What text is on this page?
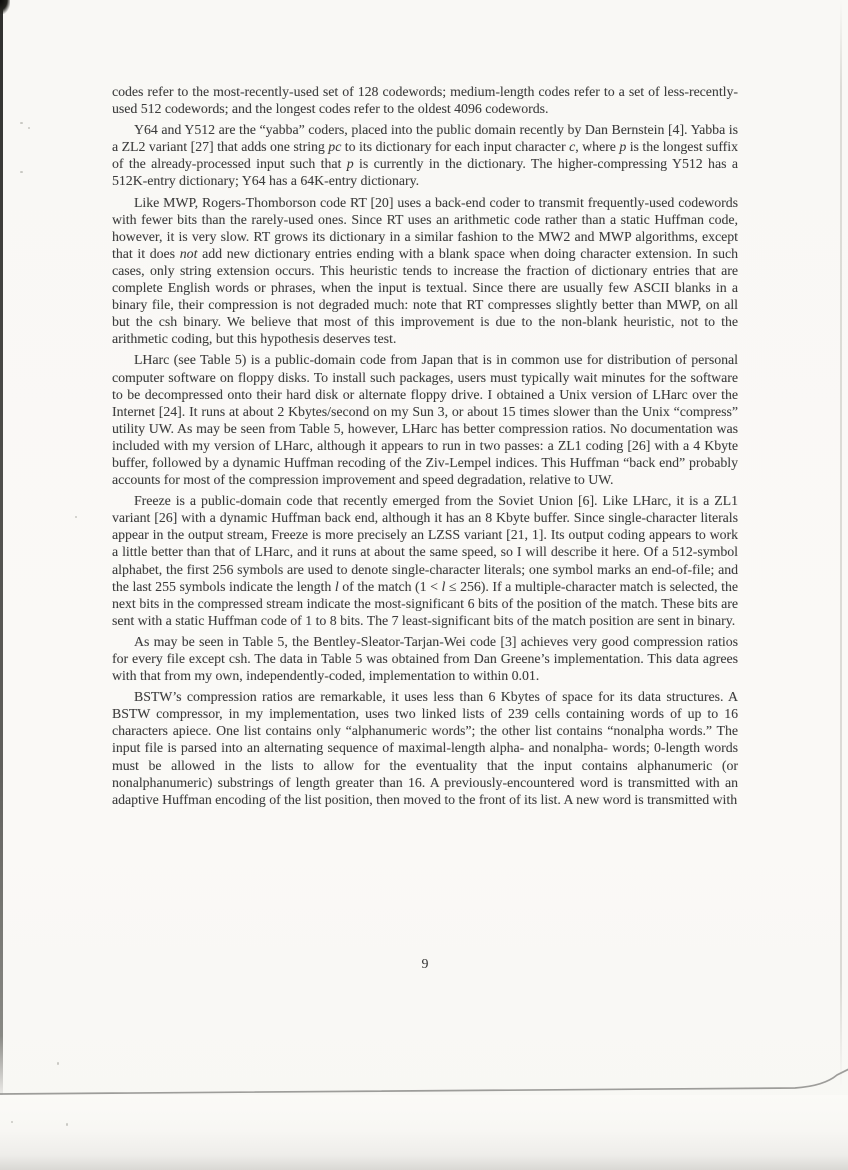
codes refer to the most-recently-used set of 128 codewords; medium-length codes refer to a set of less-recently-used 512 codewords; and the longest codes refer to the oldest 4096 codewords.

Y64 and Y512 are the “yabba” coders, placed into the public domain recently by Dan Bernstein [4]. Yabba is a ZL2 variant [27] that adds one string pc to its dictionary for each input character c, where p is the longest suffix of the already-processed input such that p is currently in the dictionary. The higher-compressing Y512 has a 512K-entry dictionary; Y64 has a 64K-entry dictionary.

Like MWP, Rogers-Thomborson code RT [20] uses a back-end coder to transmit frequently-used codewords with fewer bits than the rarely-used ones. Since RT uses an arithmetic code rather than a static Huffman code, however, it is very slow. RT grows its dictionary in a similar fashion to the MW2 and MWP algorithms, except that it does not add new dictionary entries ending with a blank space when doing character extension. In such cases, only string extension occurs. This heuristic tends to increase the fraction of dictionary entries that are complete English words or phrases, when the input is textual. Since there are usually few ASCII blanks in a binary file, their compression is not degraded much: note that RT compresses slightly better than MWP, on all but the csh binary. We believe that most of this improvement is due to the non-blank heuristic, not to the arithmetic coding, but this hypothesis deserves test.

LHarc (see Table 5) is a public-domain code from Japan that is in common use for distribution of personal computer software on floppy disks. To install such packages, users must typically wait minutes for the software to be decompressed onto their hard disk or alternate floppy drive. I obtained a Unix version of LHarc over the Internet [24]. It runs at about 2 Kbytes/second on my Sun 3, or about 15 times slower than the Unix “compress” utility UW. As may be seen from Table 5, however, LHarc has better compression ratios. No documentation was included with my version of LHarc, although it appears to run in two passes: a ZL1 coding [26] with a 4 Kbyte buffer, followed by a dynamic Huffman recoding of the Ziv-Lempel indices. This Huffman “back end” probably accounts for most of the compression improvement and speed degradation, relative to UW.

Freeze is a public-domain code that recently emerged from the Soviet Union [6]. Like LHarc, it is a ZL1 variant [26] with a dynamic Huffman back end, although it has an 8 Kbyte buffer. Since single-character literals appear in the output stream, Freeze is more precisely an LZSS variant [21, 1]. Its output coding appears to work a little better than that of LHarc, and it runs at about the same speed, so I will describe it here. Of a 512-symbol alphabet, the first 256 symbols are used to denote single-character literals; one symbol marks an end-of-file; and the last 255 symbols indicate the length l of the match (1 < l ≤ 256). If a multiple-character match is selected, the next bits in the compressed stream indicate the most-significant 6 bits of the position of the match. These bits are sent with a static Huffman code of 1 to 8 bits. The 7 least-significant bits of the match position are sent in binary.

As may be seen in Table 5, the Bentley-Sleator-Tarjan-Wei code [3] achieves very good compression ratios for every file except csh. The data in Table 5 was obtained from Dan Greene’s implementation. This data agrees with that from my own, independently-coded, implementation to within 0.01.

BSTW’s compression ratios are remarkable, it uses less than 6 Kbytes of space for its data structures. A BSTW compressor, in my implementation, uses two linked lists of 239 cells containing words of up to 16 characters apiece. One list contains only “alphanumeric words”; the other list contains “nonalpha words.” The input file is parsed into an alternating sequence of maximal-length alpha- and nonalpha- words; 0-length words must be allowed in the lists to allow for the eventuality that the input contains alphanumeric (or nonalphanumeric) substrings of length greater than 16. A previously-encountered word is transmitted with an adaptive Huffman encoding of the list position, then moved to the front of its list. A new word is transmitted with

9
